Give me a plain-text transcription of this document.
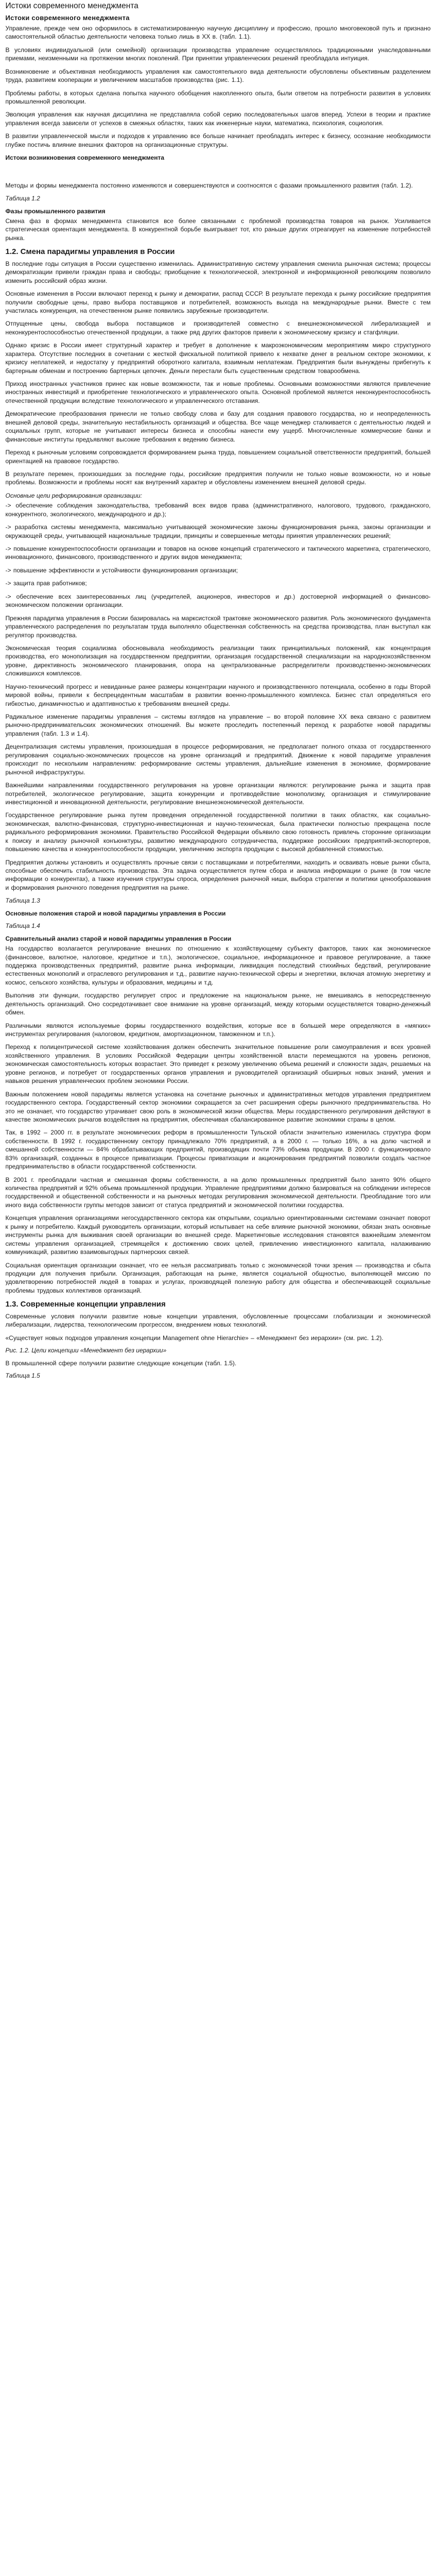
Истоки современного менеджмента
Истоки современного менеджмента

Управление, прежде чем оно оформилось в систематизированную научную дисциплину и профессию, прошло многовековой путь и признано самостоятельной областью деятельности человека только лишь в XX в. (табл. 1.1).

В условиях индивидуальной (или семейной) организации производства управление осуществлялось традиционными унаследованными приемами, неизменными на протяжении многих поколений. При принятии управленческих решений преобладала интуиция.

Возникновение и объективная необходимость управления как самостоятельного вида деятельности обусловлены объективным разделением труда, развитием кооперации и увеличением масштабов производства (рис. 1.1).

Проблемы работы, в которых сделана попытка научного обобщения накопленного опыта, были ответом на потребности развития в условиях промышленной революции.

Эволюция управления как научная дисциплина не представляла собой серию последовательных шагов вперед. Успехи в теории и практике управления всегда зависели от успехов в смежных областях, таких как инженерные науки, математика, психология, социология.

В развитии управленческой мысли и подходов к управлению все больше начинает преобладать интерес к бизнесу, осознание необходимости глубже постичь влияние внешних факторов на организационные структуры.

Истоки возникновения современного менеджмента

Методы и формы менеджмента постоянно изменяются и совершенствуются и соотносятся с фазами промышленного развития (табл. 1.2).

Таблица 1.2
Фазы промышленного развития

Смена фаз в формах менеджмента становится все более связанными с проблемой производства товаров на рынок. Усиливается стратегическая ориентация менеджмента. В конкурентной борьбе выигрывает тот, кто раньше других отреагирует на изменение потребностей рынка.

1.2. Смена парадигмы управления в России

В последние годы ситуация в России существенно изменилась. Административную систему управления сменила рыночная система; процессы демократизации привели граждан права и свободы; приобщение к технологической, электронной и информационной революциям позволило изменить российский образ жизни.

Основные изменения в России включают переход к рынку и демократии, распад СССР. В результате перехода к рынку российские предприятия получили свободные цены, право выбора поставщиков и потребителей, возможность выхода на международные рынки. Вместе с тем участилась конкуренция, на отечественном рынке появились зарубежные производители.

Отпущенные цены, свобода выбора поставщиков и производителей совместно с внешнеэкономической либерализацией и неконкурентоспособностью отечественной продукции, а также ряд других факторов привели к экономическому кризису и стагфляции.

Однако кризис в России имеет структурный характер и требует в дополнение к макроэкономическим мероприятиям микро структурного характера. Отсутствие последних в сочетании с жесткой фискальной политикой привело к нехватке денег в реальном секторе экономики, к кризису неплатежей, и недостатку у предприятий оборотного капитала, взаимным неплатежам. Предприятия были вынуждены прибегнуть к бартерным обменам и построению бартерных цепочек. Деньги перестали быть существенным средством товарообмена.

Приход иностранных участников принес как новые возможности, так и новые проблемы. Основными возможностями являются привлечение иностранных инвестиций и приобретение технологического и управленческого опыта. Основной проблемой является неконкурентоспособность отечественной продукции вследствие технологического и управленческого отставания.

Демократические преобразования принесли не только свободу слова и базу для создания правового государства, но и неопределенность внешней деловой среды, значительную нестабильность организаций и общества. Все чаще менеджер сталкивается с деятельностью людей и социальных групп, которые не учитывают интересы бизнеса и способны нанести ему ущерб. Многочисленные коммерческие банки и финансовые институты предъявляют высокие требования к ведению бизнеса.

Переход к рыночным условиям сопровождается формированием рынка труда, повышением социальной ответственности предприятий, большей ориентацией на правовое государство.

В результате перемен, произошедших за последние годы, российские предприятия получили не только новые возможности, но и новые проблемы. Возможности и проблемы носят как внутренний характер и обусловлены изменением внешней деловой среды.

Основные цели реформирования организации:

-> обеспечение соблюдения законодательства, требований всех видов права (административного, налогового, трудового, гражданского, конкурентного, экологического, международного и др.);

-> разработка системы менеджмента, максимально учитывающей экономические законы функционирования рынка, законы организации и окружающей среды, учитывающей национальные традиции, принципы и совершенные методы принятия управленческих решений;

-> повышение конкурентоспособности организации и товаров на основе концепций стратегического и тактического маркетинга, стратегического, инновационного, финансового, производственного и других видов менеджмента;

-> повышение эффективности и устойчивости функционирования организации;

-> защита прав работников;

-> обеспечение всех заинтересованных лиц (учредителей, акционеров, инвесторов и др.) достоверной информацией о финансово-экономическом положении организации.

Прежняя парадигма управления в России базировалась на марксистской трактовке экономического развития. Роль экономического фундамента управленческого распределения по результатам труда выполняло общественная собственность на средства производства, план выступал как регулятор производства.

Экономическая теория социализма обосновывала необходимость реализации таких принципиальных положений, как концентрация производства, его монополизация на государственном предприятии, организация государственной специализации на народнохозяйственном уровне, директивность экономического планирования, опора на централизованные распределители производственно-экономических сложившихся комплексов.

Научно-технический прогресс и невиданные ранее размеры концентрации научного и производственного потенциала, особенно в годы Второй мировой войны, привели к беспрецедентным масштабам в развитии военно-промышленного комплекса. Бизнес стал определяться его гибкостью, динамичностью и адаптивностью к требованиям внешней среды.

Радикальное изменение парадигмы управления – системы взглядов на управление – во второй половине XX века связано с развитием рыночно-предпринимательских экономических отношений. Вы можете проследить постепенный переход к разработке новой парадигмы управления (табл. 1.3 и 1.4).

Децентрализация системы управления, произошедшая в процессе реформирования, не предполагает полного отказа от государственного регулирования социально-экономических процессов на уровне организаций и предприятий. Движение к новой парадигме управления происходит по нескольким направлениям: реформирование системы управления, дальнейшие изменения в экономике, формирование рыночной инфраструктуры.

Важнейшими направлениями государственного регулирования на уровне организации являются: регулирование рынка и защита прав потребителей, экологическое регулирование, защита конкуренции и противодействие монополизму, организация и стимулирование инвестиционной и инновационной деятельности, регулирование внешнеэкономической деятельности.

Государственное регулирование рынка путем проведения определенной государственной политики в таких областях, как социально-экономическая, валютно-финансовая, структурно-инвестиционная и научно-техническая, была практически полностью прекращена после радикального реформирования экономики. Правительство Российской Федерации объявило свою готовность привлечь сторонние организации к поиску и анализу рыночной конъюнктуры, развитию международного сотрудничества, поддержке российских предприятий-экспортеров, повышению качества и конкурентоспособности продукции, увеличению экспорта продукции с высокой добавленной стоимостью.

Предприятия должны установить и осуществлять прочные связи с поставщиками и потребителями, находить и осваивать новые рынки сбыта, способные обеспечить стабильность производства. Эта задача осуществляется путем сбора и анализа информации о рынке (в том числе информации о конкурентах), а также изучения структуры спроса, определения рыночной ниши, выбора стратегии и политики ценообразования и формирования рыночного поведения предприятия на рынке.

Таблица 1.3
Основные положения старой и новой парадигмы управления в России
Таблица 1.4
Сравнительный анализ старой и новой парадигмы управления в России

На государство возлагается регулирование внешних по отношению к хозяйствующему субъекту факторов, таких как экономическое (финансовое, валютное, налоговое, кредитное и т.п.), экологическое, социальное, информационное и правовое регулирование, а также поддержка производственных предприятий, развитие рынка информации, ликвидация последствий стихийных бедствий, регулирование естественных монополий и отраслевого регулирования и т.д., развитие научно-технической сферы и энергетики, включая атомную энергетику и космос, сельского хозяйства, культуры и образования, медицины и т.д.

Выполнив эти функции, государство регулирует спрос и предложение на национальном рынке, не вмешиваясь в непосредственную деятельность организаций. Оно сосредотачивает свое внимание на уровне организаций, между которыми осуществляется товарно-денежный обмен.

Различными являются используемые формы государственного воздействия, которые все в большей мере определяются в «мягких» инструментах регулирования (налоговом, кредитном, амортизационном, таможенном и т.п.).

Переход к полицентрической системе хозяйствования должен обеспечить значительное повышение роли самоуправления и всех уровней хозяйственного управления. В условиях Российской Федерации центры хозяйственной власти перемещаются на уровень регионов, экономическая самостоятельность которых возрастает. Это приведет к резкому увеличению объема решений и сложности задач, решаемых на уровне регионов, и потребует от государственных органов управления и руководителей организаций обширных новых знаний, умения и навыков решения управленческих проблем экономики России.

Важным положением новой парадигмы является установка на сочетание рыночных и административных методов управления предприятием государственного сектора. Государственный сектор экономики сокращается за счет расширения сферы рыночного предпринимательства. Но это не означает, что государство утрачивает свою роль в экономической жизни общества. Меры государственного регулирования действуют в качестве экономических рычагов воздействия на предприятия, обеспечивая сбалансированное развитие экономики страны в целом.

Так, в 1992 – 2000 гг. в результате экономических реформ в промышленности Тульской области значительно изменилась структура форм собственности. В 1992 г. государственному сектору принадлежало 70% предприятий, а в 2000 г. — только 16%, а на долю частной и смешанной собственности — 84% обрабатывающих предприятий, производящих почти 73% объема продукции. В 2000 г. функционировало 83% организаций, созданных в процессе приватизации. Процессы приватизации и акционирования предприятий позволили создать частное предпринимательство в области государственной собственности.

В 2001 г. преобладали частная и смешанная формы собственности, а на долю промышленных предприятий было занято 90% общего количества предприятий и 92% объема промышленной продукции. Управление предприятиями должно базироваться на соблюдении интересов государственной и общественной собственности и на рыночных методах регулирования экономической деятельности. Преобладание того или иного вида собственности группы методов зависит от статуса предприятий и экономической политики государства.

Концепция управления организациями негосударственного сектора как открытыми, социально ориентированными системами означает поворот к рынку и потребителю. Каждый руководитель организации, который испытывает на себе влияние рыночной экономики, обязан знать основные инструменты рынка для выживания своей организации во внешней среде. Маркетинговые исследования становятся важнейшим элементом системы управления организацией, стремящейся к достижению своих целей, привлечению инвестиционного капитала, налаживанию коммуникаций, развитию взаимовыгодных партнерских связей.

Социальная ориентация организации означает, что ее нельзя рассматривать только с экономической точки зрения — производства и сбыта продукции для получения прибыли. Организация, работающая на рынке, является социальной общностью, выполняющей миссию по удовлетворению потребностей людей в товарах и услугах, производящей полезную работу для общества и обеспечивающей социальные проблемы трудовых коллективов организаций.

1.3. Современные концепции управления

Современные условия получили развитие новые концепции управления, обусловленные процессами глобализации и экономической либерализации, лидерства, технологическим прогрессом, внедрением новых технологий.

«Существует новых подходов управления концепции Management ohne Hierarchie» – «Менеджмент без иерархии» (см. рис. 1.2).

Рис. 1.2. Цели концепции «Менеджмент без иерархии»

В промышленной сфере получили развитие следующие концепции (табл. 1.5).

Таблица 1.5
